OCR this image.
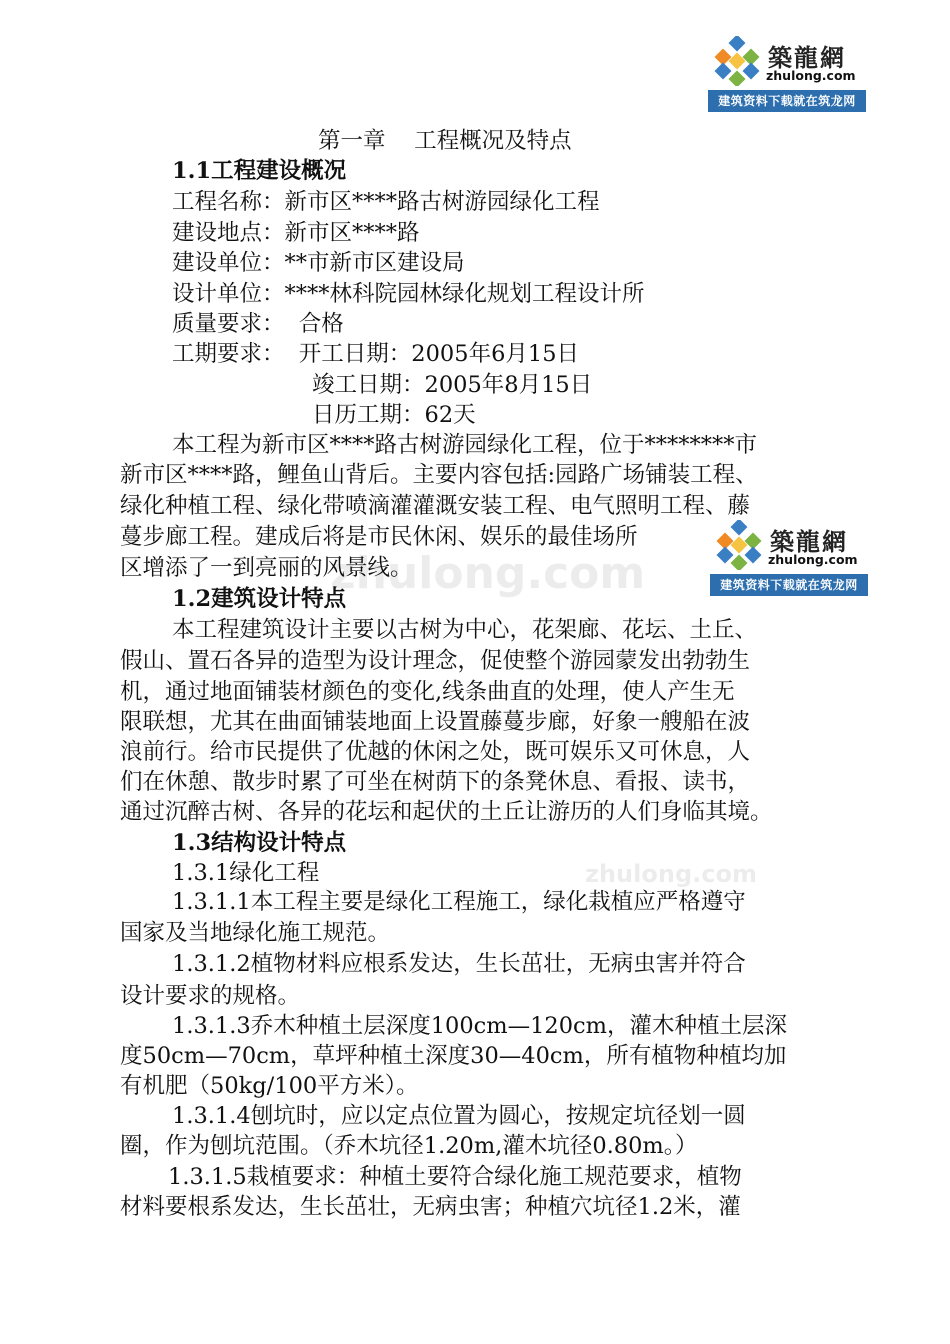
zhulong.com
zhulong.com
築龍網
zhulong.com
建筑资料下载就在筑龙网
築龍網
zhulong.com
建筑资料下载就在筑龙网
第一章    工程概况及特点
1.1工程建设概况
工程名称：新市区****路古树游园绿化工程
建设地点：新市区****路
建设单位：**市新市区建设局
设计单位：****林科院园林绿化规划工程设计所
质量要求：  合格
工期要求：  开工日期：2005年6月15日
竣工日期：2005年8月15日
日历工期：62天
本工程为新市区****路古树游园绿化工程，位于********市
新市区****路，鲤鱼山背后。主要内容包括:园路广场铺装工程、
绿化种植工程、绿化带喷滴灌灌溉安装工程、电气照明工程、藤
蔓步廊工程。建成后将是市民休闲、娱乐的最佳场所
区增添了一到亮丽的风景线。
1.2建筑设计特点
本工程建筑设计主要以古树为中心，花架廊、花坛、土丘、
假山、置石各异的造型为设计理念，促使整个游园蒙发出勃勃生
机，通过地面铺装材颜色的变化,线条曲直的处理，使人产生无
限联想，尤其在曲面铺装地面上设置藤蔓步廊，好象一艘船在波
浪前行。给市民提供了优越的休闲之处，既可娱乐又可休息，人
们在休憩、散步时累了可坐在树荫下的条凳休息、看报、读书，
通过沉醉古树、各异的花坛和起伏的土丘让游历的人们身临其境。
1.3结构设计特点
1.3.1绿化工程
1.3.1.1本工程主要是绿化工程施工，绿化栽植应严格遵守
国家及当地绿化施工规范。
1.3.1.2植物材料应根系发达，生长茁壮，无病虫害并符合
设计要求的规格。
1.3.1.3乔木种植土层深度100cm—120cm，灌木种植土层深
度50cm—70cm，草坪种植土深度30—40cm，所有植物种植均加
有机肥（50kg/100平方米）。
1.3.1.4刨坑时，应以定点位置为圆心，按规定坑径划一圆
圈，作为刨坑范围。（乔木坑径1.20m,灌木坑径0.80m。）
1.3.1.5栽植要求：种植土要符合绿化施工规范要求，植物
材料要根系发达，生长茁壮，无病虫害；种植穴坑径1.2米，灌
